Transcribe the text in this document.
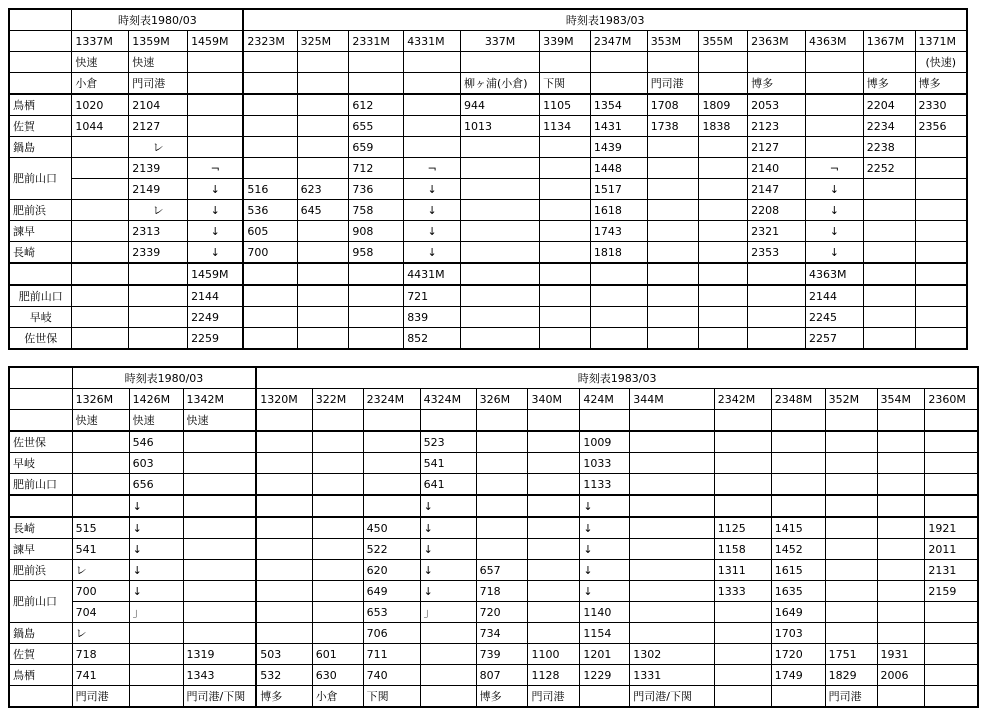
	時刻表1980/03			時刻表1983/03												
	1337M	1359M	1459M	2323M	325M	2331M	4331M	337M	339M	2347M	353M	355M	2363M	4363M	1367M	1371M
	快速	快速														(快速)
	小倉	門司港						柳ヶ浦(小倉)	下関		門司港		博多		博多	博多
鳥栖	1020	2104				612		944	1105	1354	1708	1809	2053		2204	2330
佐賀	1044	2127				655		1013	1134	1431	1738	1838	2123		2234	2356
鍋島		レ				659				1439			2127		2238	
肥前山口		2139	¬			712	¬			1448			2140	¬	2252	
		2149	↓	516	623	736	↓			1517			2147	↓		
肥前浜		レ	↓	536	645	758	↓			1618			2208	↓		
諫早		2313	↓	605		908	↓			1743			2321	↓		
長崎		2339	↓	700		958	↓			1818			2353	↓		
			1459M				4431M							4363M		
肥前山口			2144				721							2144		
早岐			2249				839							2245		
佐世保			2259				852							2257		
	時刻表1980/03			時刻表1983/03												
	1326M	1426M	1342M	1320M	322M	2324M	4324M	326M	340M	424M	344M	2342M	2348M	352M	354M	2360M
	快速	快速	快速													
佐世保		546					523			1009						
早岐		603					541			1033						
肥前山口		656					641			1133						
		↓					↓			↓						
長崎	515	↓				450	↓			↓		1125	1415			1921
諫早	541	↓				522	↓			↓		1158	1452			2011
肥前浜	レ	↓				620	↓	657		↓		1311	1615			2131
肥前山口	700	↓				649	↓	718		↓		1333	1635			2159
	704	」				653	」	720		1140			1649			
鍋島	レ					706		734		1154			1703			
佐賀	718		1319	503	601	711		739	1100	1201	1302		1720	1751	1931	
鳥栖	741		1343	532	630	740		807	1128	1229	1331		1749	1829	2006	
	門司港		門司港/下関	博多	小倉	下関		博多	門司港		門司港/下関			門司港		
